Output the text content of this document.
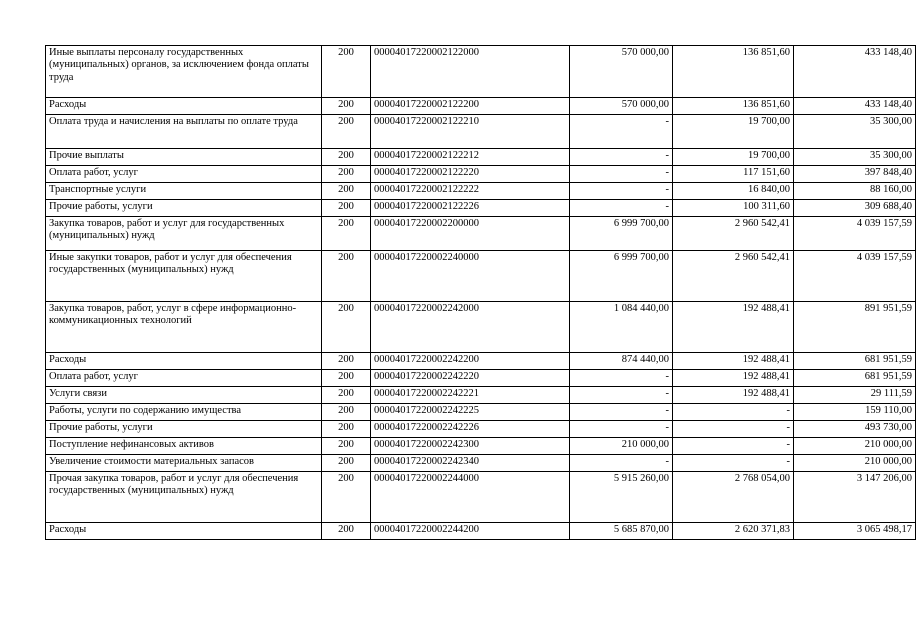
Иные выплаты персоналу государственных (муниципальных) органов, за исключением фонда оплаты труда	200	00004017220002122000	570 000,00	136 851,60	433 148,40
Расходы	200	00004017220002122200	570 000,00	136 851,60	433 148,40
Оплата труда и начисления на выплаты по оплате труда	200	00004017220002122210	-	19 700,00	35 300,00
Прочие выплаты	200	00004017220002122212	-	19 700,00	35 300,00
Оплата работ, услуг	200	00004017220002122220	-	117 151,60	397 848,40
Транспортные услуги	200	00004017220002122222	-	16 840,00	88 160,00
Прочие работы, услуги	200	00004017220002122226	-	100 311,60	309 688,40
Закупка товаров, работ и услуг для государственных (муниципальных) нужд	200	00004017220002200000	6 999 700,00	2 960 542,41	4 039 157,59
Иные закупки товаров, работ и услуг для обеспечения государственных (муниципальных) нужд	200	00004017220002240000	6 999 700,00	2 960 542,41	4 039 157,59
Закупка товаров, работ, услуг в сфере информационно-коммуникационных технологий	200	00004017220002242000	1 084 440,00	192 488,41	891 951,59
Расходы	200	00004017220002242200	874 440,00	192 488,41	681 951,59
Оплата работ, услуг	200	00004017220002242220	-	192 488,41	681 951,59
Услуги связи	200	00004017220002242221	-	192 488,41	29 111,59
Работы, услуги по содержанию имущества	200	00004017220002242225	-	-	159 110,00
Прочие работы, услуги	200	00004017220002242226	-	-	493 730,00
Поступление нефинансовых активов	200	00004017220002242300	210 000,00	-	210 000,00
Увеличение стоимости материальных запасов	200	00004017220002242340	-	-	210 000,00
Прочая закупка товаров, работ и услуг для обеспечения государственных (муниципальных) нужд	200	00004017220002244000	5 915 260,00	2 768 054,00	3 147 206,00
Расходы	200	00004017220002244200	5 685 870,00	2 620 371,83	3 065 498,17
